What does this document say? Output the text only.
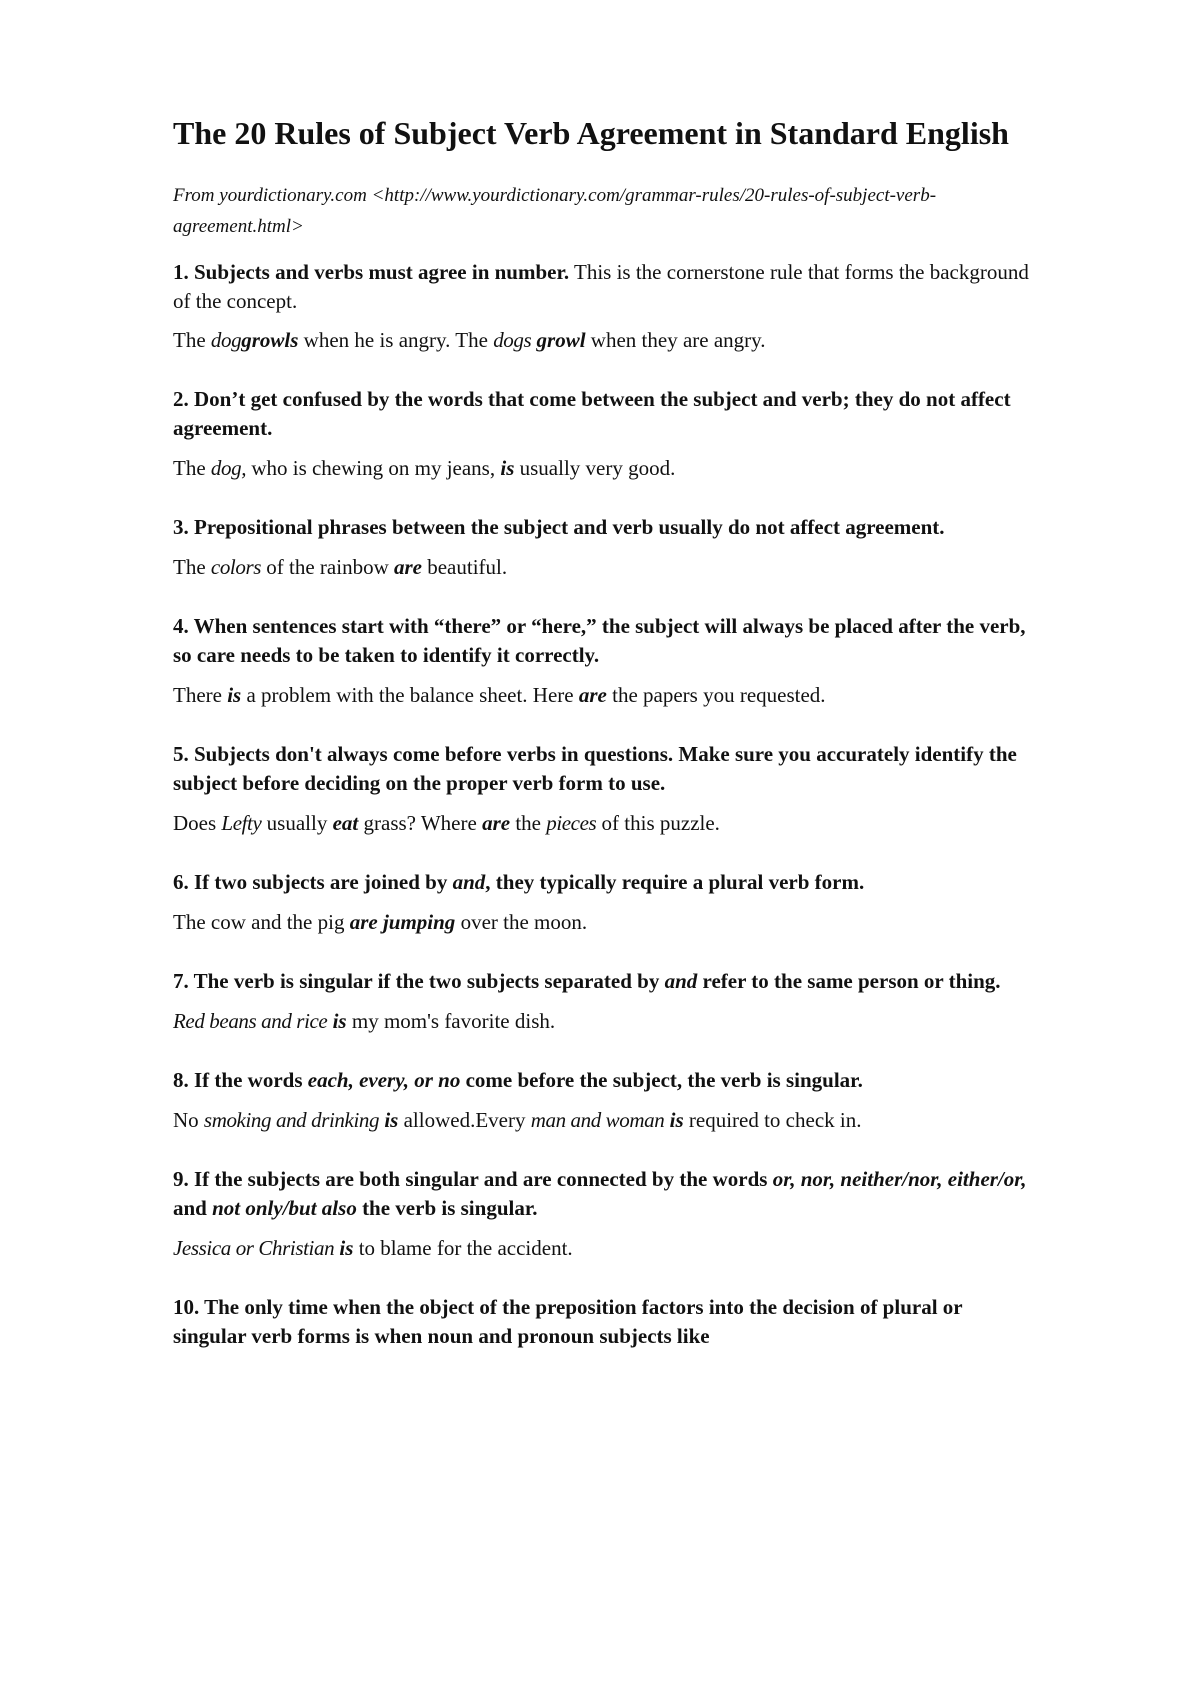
The 20 Rules of Subject Verb Agreement in Standard English

From yourdictionary.com <http://www.yourdictionary.com/grammar-rules/20-rules-of-subject-verb-agreement.html>

1. Subjects and verbs must agree in number. This is the cornerstone rule that forms the background of the concept.

The doggrowls when he is angry. The dogs growl when they are angry.

2. Don’t get confused by the words that come between the subject and verb; they do not affect agreement.

The dog, who is chewing on my jeans, is usually very good.

3. Prepositional phrases between the subject and verb usually do not affect agreement.

The colors of the rainbow are beautiful.

4. When sentences start with “there” or “here,” the subject will always be placed after the verb, so care needs to be taken to identify it correctly.

There is a problem with the balance sheet. Here are the papers you requested.

5. Subjects don't always come before verbs in questions. Make sure you accurately identify the subject before deciding on the proper verb form to use.

Does Lefty usually eat grass? Where are the pieces of this puzzle.

6. If two subjects are joined by and, they typically require a plural verb form.

The cow and the pig are jumping over the moon.

7. The verb is singular if the two subjects separated by and refer to the same person or thing.

Red beans and rice is my mom's favorite dish.

8. If the words each, every, or no come before the subject, the verb is singular.

No smoking and drinking is allowed.Every man and woman is required to check in.

9. If the subjects are both singular and are connected by the words or, nor, neither/nor, either/or, and not only/but also the verb is singular.

Jessica or Christian is to blame for the accident.

10. The only time when the object of the preposition factors into the decision of plural or singular verb forms is when noun and pronoun subjects like
